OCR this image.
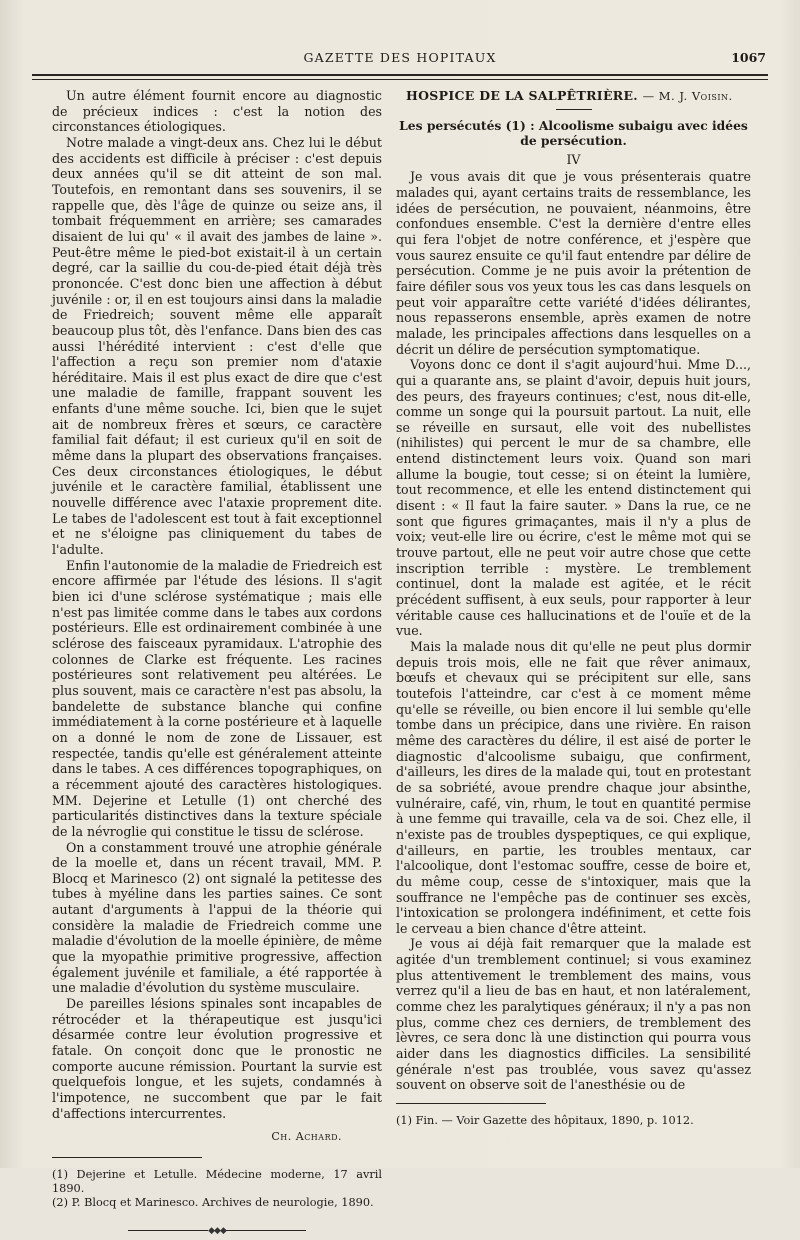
GAZETTE DES HOPITAUX	1067

Un autre élément fournit encore au diagnostic de précieux indices : c'est la notion des circonstances étiologiques.

Notre malade a vingt-deux ans. Chez lui le début des accidents est difficile à préciser : c'est depuis deux années qu'il se dit atteint de son mal. Toutefois, en remontant dans ses souvenirs, il se rappelle que, dès l'âge de quinze ou seize ans, il tombait fréquemment en arrière; ses camarades disaient de lui qu' « il avait des jambes de laine ». Peut-être même le pied-bot existait-il à un certain degré, car la saillie du cou-de-pied était déjà très prononcée. C'est donc bien une affection à début juvénile : or, il en est toujours ainsi dans la maladie de Friedreich; souvent même elle apparaît beaucoup plus tôt, dès l'enfance. Dans bien des cas aussi l'hérédité intervient : c'est d'elle que l'affection a reçu son premier nom d'ataxie héréditaire. Mais il est plus exact de dire que c'est une maladie de famille, frappant souvent les enfants d'une même souche. Ici, bien que le sujet ait de nombreux frères et sœurs, ce caractère familial fait défaut; il est curieux qu'il en soit de même dans la plupart des observations françaises. Ces deux circonstances étiologiques, le début juvénile et le caractère familial, établissent une nouvelle différence avec l'ataxie proprement dite. Le tabes de l'adolescent est tout à fait exceptionnel et ne s'éloigne pas cliniquement du tabes de l'adulte.

Enfin l'autonomie de la maladie de Friedreich est encore affirmée par l'étude des lésions. Il s'agit bien ici d'une sclérose systématique ; mais elle n'est pas limitée comme dans le tabes aux cordons postérieurs. Elle est ordinairement combinée à une sclérose des faisceaux pyramidaux. L'atrophie des colonnes de Clarke est fréquente. Les racines postérieures sont relativement peu altérées. Le plus souvent, mais ce caractère n'est pas absolu, la bandelette de substance blanche qui confine immédiatement à la corne postérieure et à laquelle on a donné le nom de zone de Lissauer, est respectée, tandis qu'elle est généralement atteinte dans le tabes. A ces différences topographiques, on a récemment ajouté des caractères histologiques. MM. Dejerine et Letulle (1) ont cherché des particularités distinctives dans la texture spéciale de la névroglie qui constitue le tissu de sclérose.

On a constamment trouvé une atrophie générale de la moelle et, dans un récent travail, MM. P. Blocq et Marinesco (2) ont signalé la petitesse des tubes à myéline dans les parties saines. Ce sont autant d'arguments à l'appui de la théorie qui considère la maladie de Friedreich comme une maladie d'évolution de la moelle épinière, de même que la myopathie primitive progressive, affection également juvénile et familiale, a été rapportée à une maladie d'évolution du système musculaire.

De pareilles lésions spinales sont incapables de rétrocéder et la thérapeutique est jusqu'ici désarmée contre leur évolution progressive et fatale. On conçoit donc que le pronostic ne comporte aucune rémission. Pourtant la survie est quelquefois longue, et les sujets, condamnés à l'impotence, ne succombent que par le fait d'affections intercurrentes.

Ch. Achard.
(1) Dejerine et Letulle. Médecine moderne, 17 avril 1890.
(2) P. Blocq et Marinesco. Archives de neurologie, 1890.
◆◆◆
HOSPICE DE LA SALPÊTRIÈRE. — M. J. Voisin.
Les persécutés (1) : Alcoolisme subaigu avec idées de persécution.
IV

Je vous avais dit que je vous présenterais quatre malades qui, ayant certains traits de ressemblance, les idées de persécution, ne pouvaient, néanmoins, être confondues ensemble. C'est la dernière d'entre elles qui fera l'objet de notre conférence, et j'espère que vous saurez ensuite ce qu'il faut entendre par délire de persécution. Comme je ne puis avoir la prétention de faire défiler sous vos yeux tous les cas dans lesquels on peut voir apparaître cette variété d'idées délirantes, nous repasserons ensemble, après examen de notre malade, les principales affections dans lesquelles on a décrit un délire de persécution symptomatique.

Voyons donc ce dont il s'agit aujourd'hui. Mme D..., qui a quarante ans, se plaint d'avoir, depuis huit jours, des peurs, des frayeurs continues; c'est, nous dit-elle, comme un songe qui la poursuit partout. La nuit, elle se réveille en sursaut, elle voit des nubellistes (nihilistes) qui percent le mur de sa chambre, elle entend distinctement leurs voix. Quand son mari allume la bougie, tout cesse; si on éteint la lumière, tout recommence, et elle les entend distinctement qui disent : « Il faut la faire sauter. » Dans la rue, ce ne sont que figures grimaçantes, mais il n'y a plus de voix; veut-elle lire ou écrire, c'est le même mot qui se trouve partout, elle ne peut voir autre chose que cette inscription terrible : mystère. Le tremblement continuel, dont la malade est agitée, et le récit précédent suffisent, à eux seuls, pour rapporter à leur véritable cause ces hallucinations et de l'ouïe et de la vue.

Mais la malade nous dit qu'elle ne peut plus dormir depuis trois mois, elle ne fait que rêver animaux, bœufs et chevaux qui se précipitent sur elle, sans toutefois l'atteindre, car c'est à ce moment même qu'elle se réveille, ou bien encore il lui semble qu'elle tombe dans un précipice, dans une rivière. En raison même des caractères du délire, il est aisé de porter le diagnostic d'alcoolisme subaigu, que confirment, d'ailleurs, les dires de la malade qui, tout en protestant de sa sobriété, avoue prendre chaque jour absinthe, vulnéraire, café, vin, rhum, le tout en quantité permise à une femme qui travaille, cela va de soi. Chez elle, il n'existe pas de troubles dyspeptiques, ce qui explique, d'ailleurs, en partie, les troubles mentaux, car l'alcoolique, dont l'estomac souffre, cesse de boire et, du même coup, cesse de s'intoxiquer, mais que la souffrance ne l'empêche pas de continuer ses excès, l'intoxication se prolongera indéfiniment, et cette fois le cerveau a bien chance d'être atteint.

Je vous ai déjà fait remarquer que la malade est agitée d'un tremblement continuel; si vous examinez plus attentivement le tremblement des mains, vous verrez qu'il a lieu de bas en haut, et non latéralement, comme chez les paralytiques généraux; il n'y a pas non plus, comme chez ces derniers, de tremblement des lèvres, ce sera donc là une distinction qui pourra vous aider dans les diagnostics difficiles. La sensibilité générale n'est pas troublée, vous savez qu'assez souvent on observe soit de l'anesthésie ou de

(1) Fin. — Voir Gazette des hôpitaux, 1890, p. 1012.
